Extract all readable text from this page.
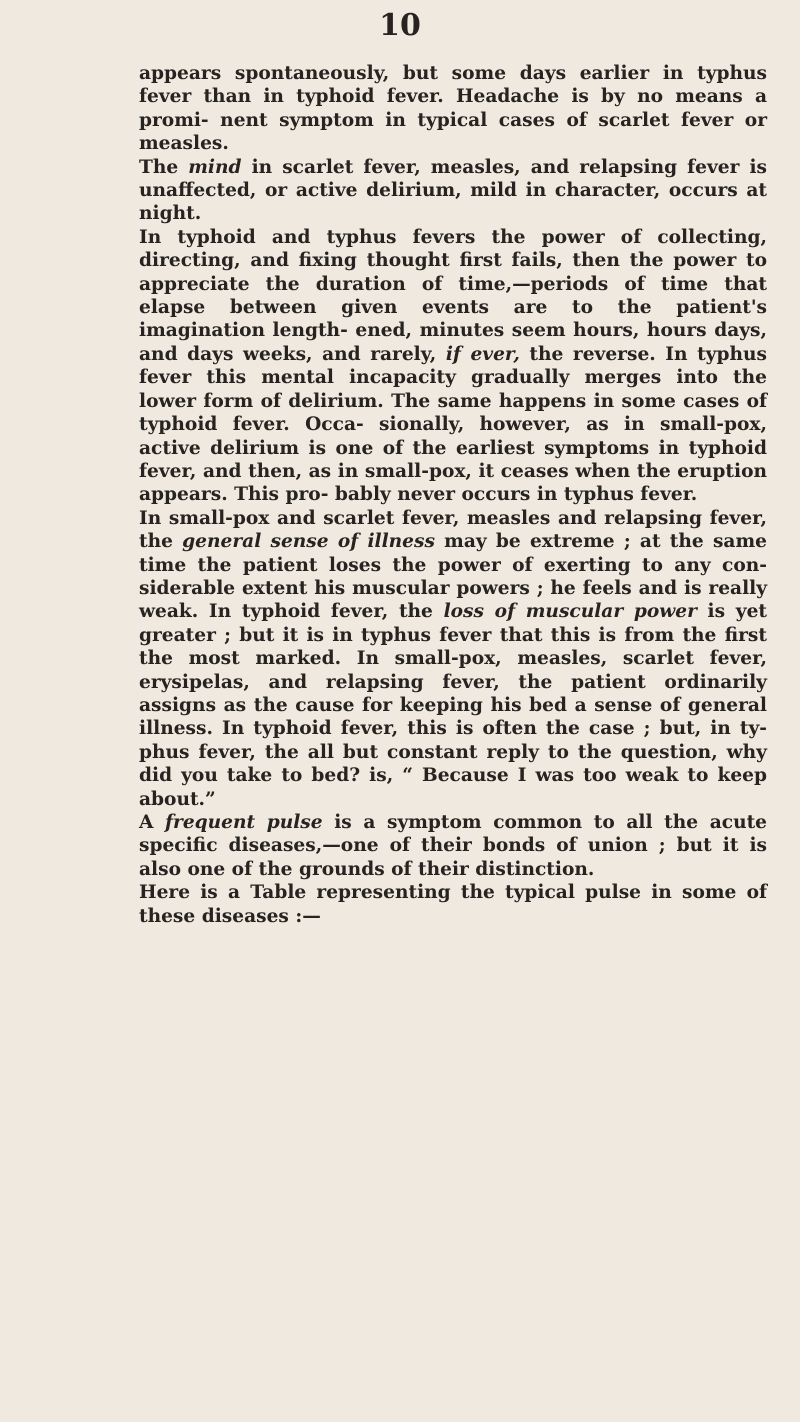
10

appears spontaneously, but some days earlier in typhus fever than in typhoid fever. Headache is by no means a promi- nent symptom in typical cases of scarlet fever or measles.

The mind in scarlet fever, measles, and relapsing fever is unaffected, or active delirium, mild in character, occurs at night.

In typhoid and typhus fevers the power of collecting, directing, and fixing thought first fails, then the power to appreciate the duration of time,—periods of time that elapse between given events are to the patient's imagination length- ened, minutes seem hours, hours days, and days weeks, and rarely, if ever, the reverse. In typhus fever this mental incapacity gradually merges into the lower form of delirium. The same happens in some cases of typhoid fever. Occa- sionally, however, as in small-pox, active delirium is one of the earliest symptoms in typhoid fever, and then, as in small-pox, it ceases when the eruption appears. This pro- bably never occurs in typhus fever.

In small-pox and scarlet fever, measles and relapsing fever, the general sense of illness may be extreme ; at the same time the patient loses the power of exerting to any con- siderable extent his muscular powers ; he feels and is really weak. In typhoid fever, the loss of muscular power is yet greater ; but it is in typhus fever that this is from the first the most marked. In small-pox, measles, scarlet fever, erysipelas, and relapsing fever, the patient ordinarily assigns as the cause for keeping his bed a sense of general illness. In typhoid fever, this is often the case ; but, in ty- phus fever, the all but constant reply to the question, why did you take to bed? is, “ Because I was too weak to keep about.”

A frequent pulse is a symptom common to all the acute specific diseases,—one of their bonds of union ; but it is also one of the grounds of their distinction.

Here is a Table representing the typical pulse in some of these diseases :—
